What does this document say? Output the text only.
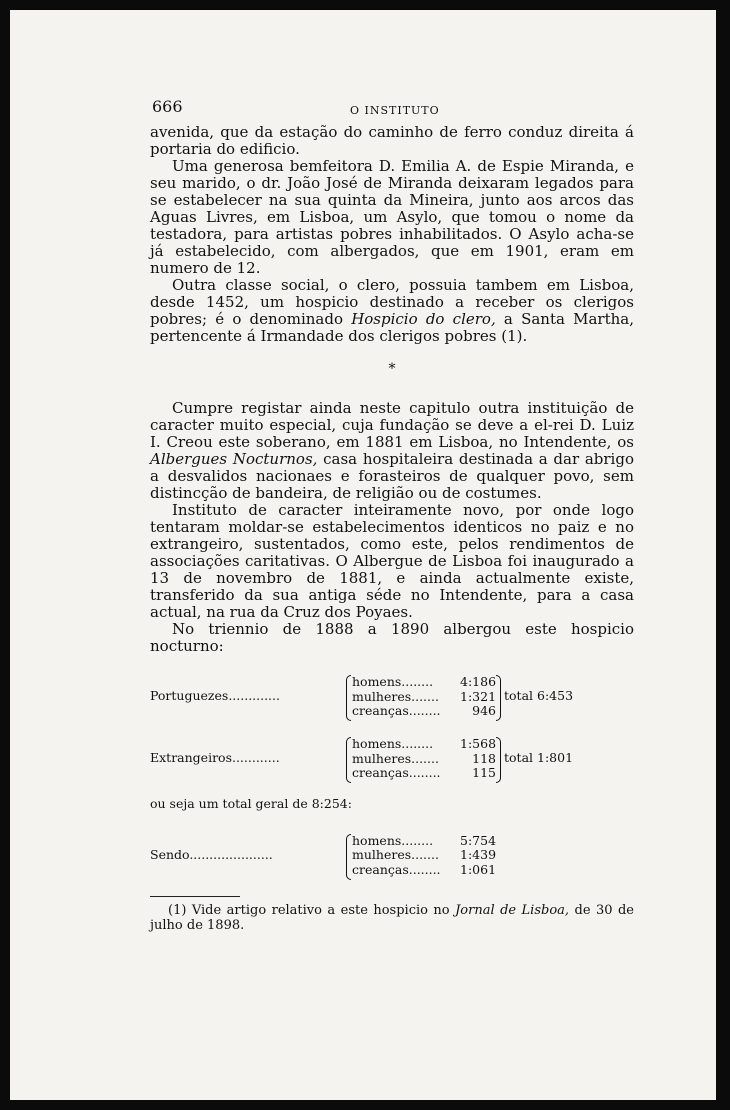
666	O INSTITUTO

avenida, que da estação do caminho de ferro conduz direita á portaria do edificio.

Uma generosa bemfeitora D. Emilia A. de Espie Miranda, e seu marido, o dr. João José de Miranda deixaram legados para se estabelecer na sua quinta da Mineira, junto aos arcos das Aguas Livres, em Lisboa, um Asylo, que tomou o nome da testadora, para artistas pobres inhabilitados. O Asylo acha-se já estabelecido, com albergados, que em 1901, eram em numero de 12.

Outra classe social, o clero, possuia tambem em Lisboa, desde 1452, um hospicio destinado a receber os clerigos pobres; é o denominado Hospicio do clero, a Santa Martha, pertencente á Irmandade dos clerigos pobres (1).

*

Cumpre registar ainda neste capitulo outra instituição de caracter muito especial, cuja fundação se deve a el-rei D. Luiz I. Creou este soberano, em 1881 em Lisboa, no Intendente, os Albergues Nocturnos, casa hospitaleira destinada a dar abrigo a desvalidos nacionaes e forasteiros de qualquer povo, sem distincção de bandeira, de religião ou de costumes.

Instituto de caracter inteiramente novo, por onde logo tentaram moldar-se estabelecimentos identicos no paiz e no extrangeiro, sustentados, como este, pelos rendimentos de associações caritativas. O Albergue de Lisboa foi inaugurado a 13 de novembro de 1881, e ainda actualmente existe, transferido da sua antiga séde no Intendente, para a casa actual, na rua da Cruz dos Poyaes.

No triennio de 1888 a 1890 albergou este hospicio nocturno:

Portuguezes.............
homens........ 4:186
mulheres....... 1:321
creanças........	946
total 6:453
Extrangeiros............
homens........ 1:568
mulheres.......	118
creanças........	115
total 1:801
ou seja um total geral de 8:254:
Sendo.....................
homens........ 5:754
mulheres....... 1:439
creanças........ 1:061

(1) Vide artigo relativo a este hospicio no Jornal de Lisboa, de 30 de julho de 1898.
